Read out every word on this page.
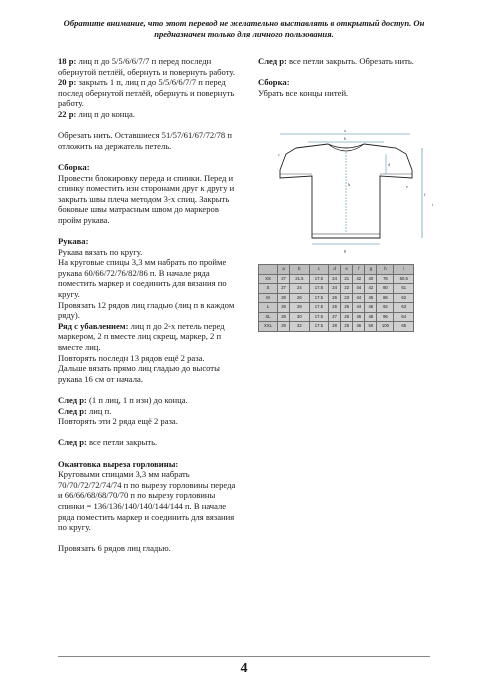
Обратите внимание, что этот перевод не желательно выставлять в открытый доступ. Он
предназначен только для личного пользования.

18 р: лиц п до 5/5/6/6/7/7 п перед последн обернутой петлёй, обернуть и повернуть работу.

20 р: закрыть 1 п, лиц п до 5/5/6/6/7/7 п перед послед обернутой петлёй, обернуть и повернуть работу.

22 р: лиц п до конца.

Обрезать нить. Оставшиеся 51/57/61/67/72/78 п отложить на держатель петель.

Сборка:

Провести блокировку переда и спинки. Перед и спинку поместить изн сторонами друг к другу и закрыть швы плеча методом 3-х спиц. Закрыть боковые швы матрасным швом до маркеров пройм рукава.

Рукава:

Рукава вязать по кругу.

На круговые спицы 3,3 мм набрать по пройме рукава 60/66/72/76/82/86 п. В начале ряда поместить маркер и соединить для вязания по кругу.

Провязать 12 рядов лиц гладью (лиц п в каждом ряду).

Ряд с убавлением: лиц п до 2-х петель перед маркером, 2 п вместе лиц скрещ, маркер, 2 п вместе лиц.

Повторять последн 13 рядов ещё 2 раза.

Дальше вязать прямо лиц гладью до высоты рукава 16 см от начала.

След р: (1 п лиц, 1 п изн) до конца.

След р: лиц п.

Повторять эти 2 ряда ещё 2 раза.

След р: все петли закрыть.

Окантовка выреза горловины:

Круговыми спицами 3,3 мм набрать 70/70/72/72/74/74 п по вырезу горловины переда и 66/66/68/68/70/70 п по вырезу горловины спинки = 136/136/140/140/144/144 п. В начале ряда поместить маркер и соединить для вязания по кругу.

Провязать 6 рядов лиц гладью.

След р: все петли закрыть. Обрезать нить.

Сборка:

Убрать все концы нитей.

a
b
c
d
e
f
g
h
i
	a	b	c	d	e	f	g	h	i
XS	27	21.5	17.5	24	21	42	40	76	60.5
S	27	24	17.5	24	22	44	42	80	61
M	28	26	17.5	26	23	44	45	86	62
L	28	28	17.5	26	25	44	46	92	63
XL	29	30	17.5	27	25	46	48	96	64
XXL	29	32	17.5	28	25	46	50	100	65
4
